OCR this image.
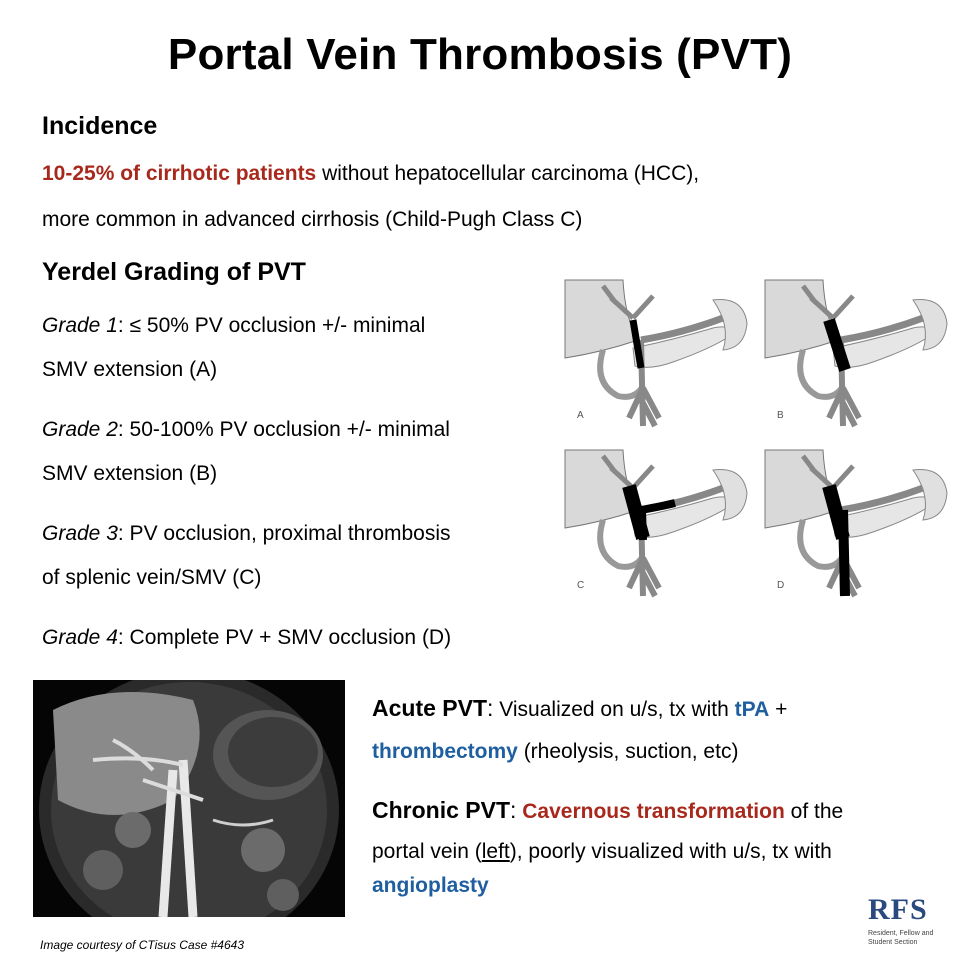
Portal Vein Thrombosis (PVT)
Incidence
10-25% of cirrhotic patients without hepatocellular carcinoma (HCC),
more common in advanced cirrhosis (Child-Pugh Class C)
Yerdel Grading of PVT
Grade 1: ≤ 50% PV occlusion +/- minimal
SMV extension (A)
Grade 2: 50-100% PV occlusion +/- minimal
SMV extension (B)
Grade 3: PV occlusion, proximal thrombosis
of splenic vein/SMV (C)
Grade 4: Complete PV + SMV occlusion (D)
A	B
C	D
Acute PVT: Visualized on u/s, tx with tPA +
thrombectomy (rheolysis, suction, etc)
Chronic PVT: Cavernous transformation of the
portal vein (left), poorly visualized with u/s, tx with
angioplasty
Image courtesy of CTisus Case #4643
RFS
Resident, Fellow and Student Section
